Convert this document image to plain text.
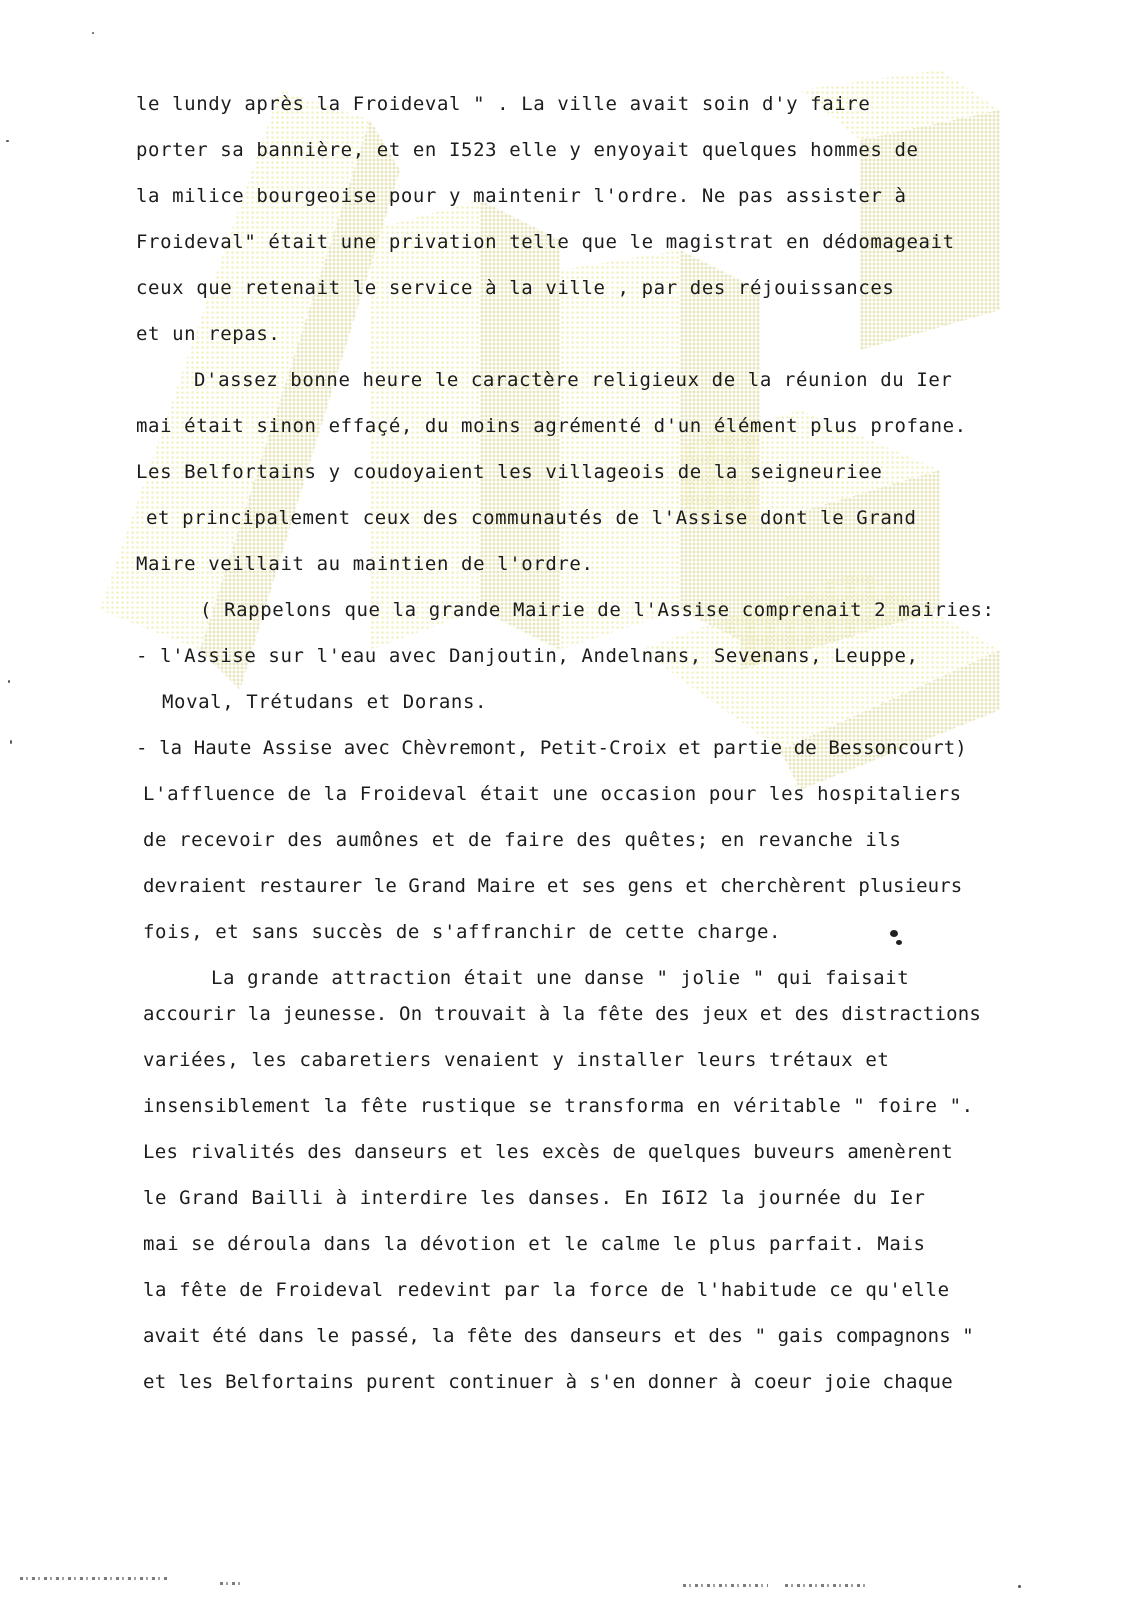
le lundy après la Froideval " . La ville avait soin d'y faire
porter sa bannière, et en I523 elle y enyoyait quelques hommes de
la milice bourgeoise pour y maintenir l'ordre. Ne pas assister à
Froideval" était une privation telle que le magistrat en dédomageait
ceux que retenait le service à la ville , par des réjouissances
et un repas.
D'assez bonne heure le caractère religieux de la réunion du Ier
mai était sinon effaçé, du moins agrémenté d'un élément plus profane.
Les Belfortains y coudoyaient les villageois de la seigneuriee
et principalement ceux des communautés de l'Assise dont le Grand
Maire veillait au maintien de l'ordre.
( Rappelons que la grande Mairie de l'Assise comprenait 2 mairies:
- l'Assise sur l'eau avec Danjoutin, Andelnans, Sevenans, Leuppe,
Moval, Trétudans et Dorans.
- la Haute Assise avec Chèvremont, Petit-Croix et partie de Bessoncourt)
L'affluence de la Froideval était une occasion pour les hospitaliers
de recevoir des aumônes et de faire des quêtes; en revanche ils
devraient restaurer le Grand Maire et ses gens et cherchèrent plusieurs
fois, et sans succès de s'affranchir de cette charge.
La grande attraction était une danse " jolie " qui faisait
accourir la jeunesse. On trouvait à la fête des jeux et des distractions
variées, les cabaretiers venaient y installer leurs trétaux et
insensiblement la fête rustique se transforma en véritable " foire ".
Les rivalités des danseurs et les excès de quelques buveurs amenèrent
le Grand Bailli à interdire les danses. En I6I2 la journée du Ier
mai se déroula dans la dévotion et le calme le plus parfait. Mais
la fête de Froideval redevint par la force de l'habitude ce qu'elle
avait été dans le passé, la fête des danseurs et des " gais compagnons "
et les Belfortains purent continuer à s'en donner à coeur joie chaque
